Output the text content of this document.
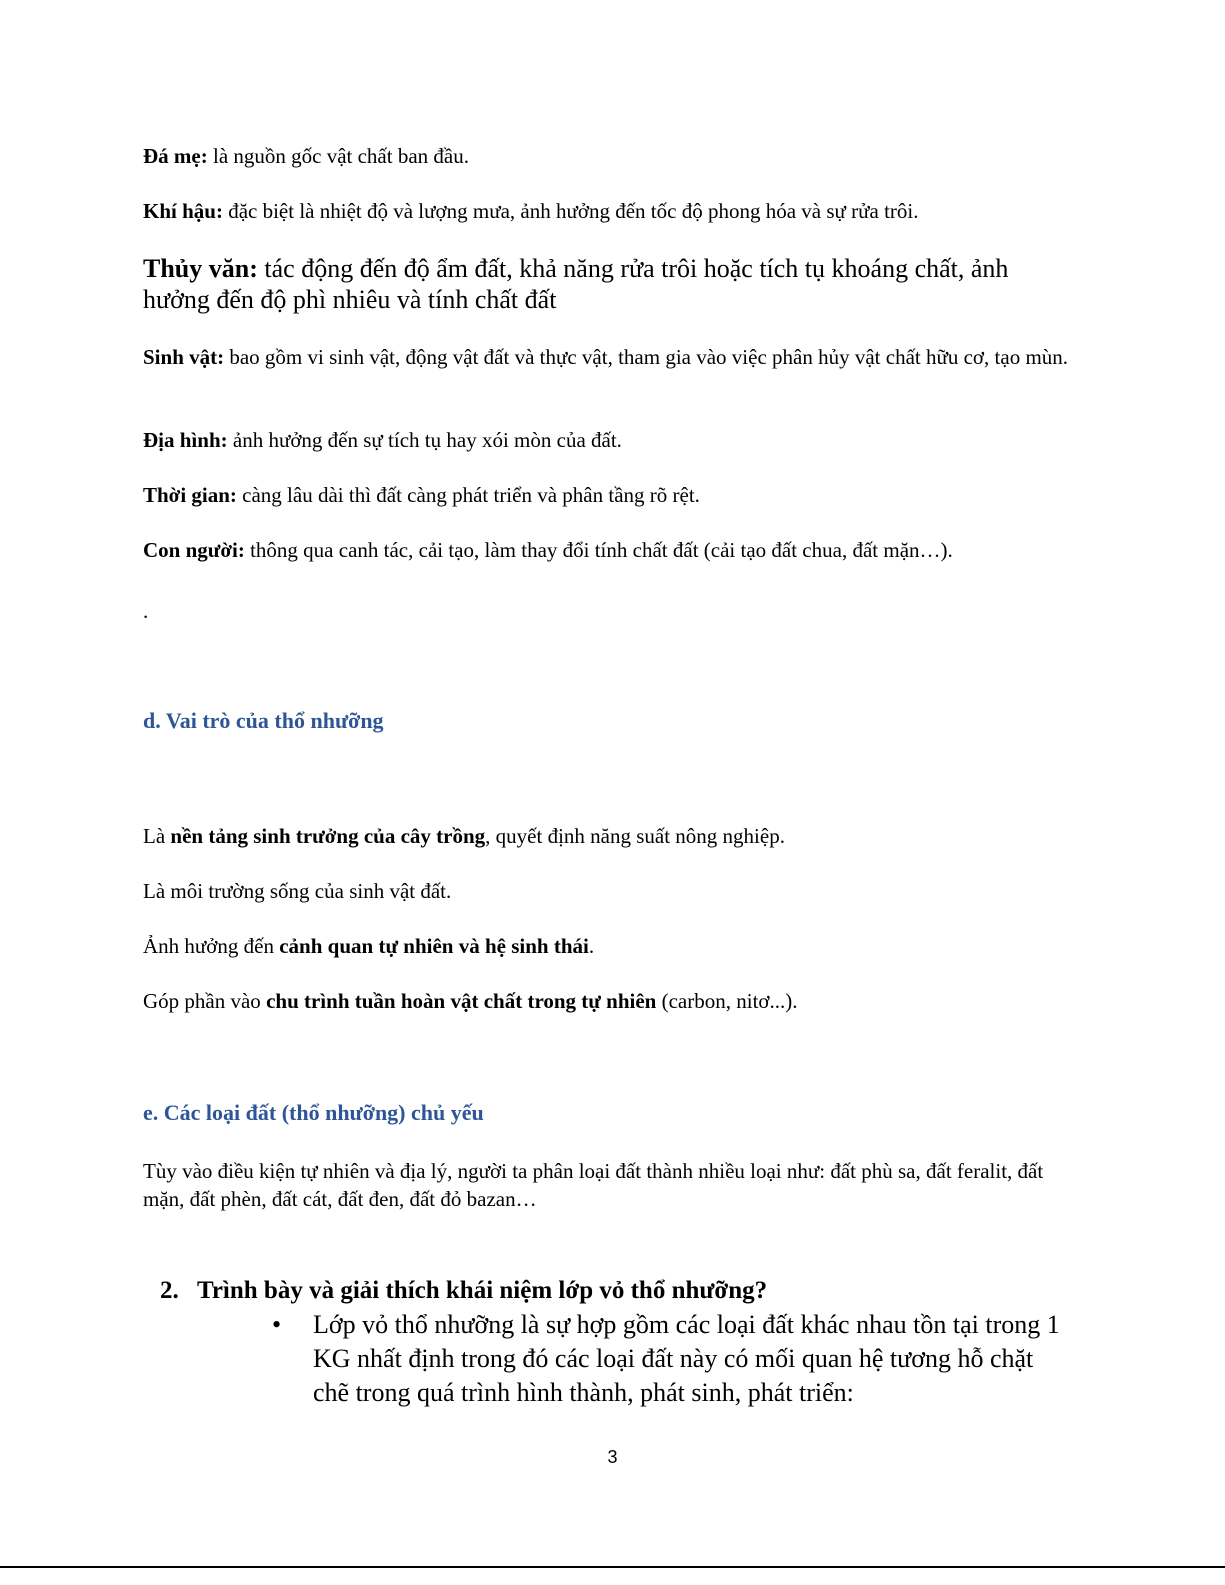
Đá mẹ: là nguồn gốc vật chất ban đầu.

Khí hậu: đặc biệt là nhiệt độ và lượng mưa, ảnh hưởng đến tốc độ phong hóa và sự rửa trôi.

Thủy văn: tác động đến độ ẩm đất, khả năng rửa trôi hoặc tích tụ khoáng chất, ảnh hưởng đến độ phì nhiêu và tính chất đất

Sinh vật: bao gồm vi sinh vật, động vật đất và thực vật, tham gia vào việc phân hủy vật chất hữu cơ, tạo mùn.

Địa hình: ảnh hưởng đến sự tích tụ hay xói mòn của đất.

Thời gian: càng lâu dài thì đất càng phát triển và phân tầng rõ rệt.

Con người: thông qua canh tác, cải tạo, làm thay đổi tính chất đất (cải tạo đất chua, đất mặn…).

.

d. Vai trò của thổ nhưỡng

Là nền tảng sinh trưởng của cây trồng, quyết định năng suất nông nghiệp.

Là môi trường sống của sinh vật đất.

Ảnh hưởng đến cảnh quan tự nhiên và hệ sinh thái.

Góp phần vào chu trình tuần hoàn vật chất trong tự nhiên (carbon, nitơ...).

e. Các loại đất (thổ nhưỡng) chủ yếu

Tùy vào điều kiện tự nhiên và địa lý, người ta phân loại đất thành nhiều loại như: đất phù sa, đất feralit, đất mặn, đất phèn, đất cát, đất đen, đất đỏ bazan…

2. Trình bày và giải thích khái niệm lớp vỏ thổ nhưỡng?
•	Lớp vỏ thổ nhưỡng là sự hợp gồm các loại đất khác nhau tồn tại trong 1 KG nhất định trong đó các loại đất này có mối quan hệ tương hỗ chặt chẽ trong quá trình hình thành, phát sinh, phát triển:
3
